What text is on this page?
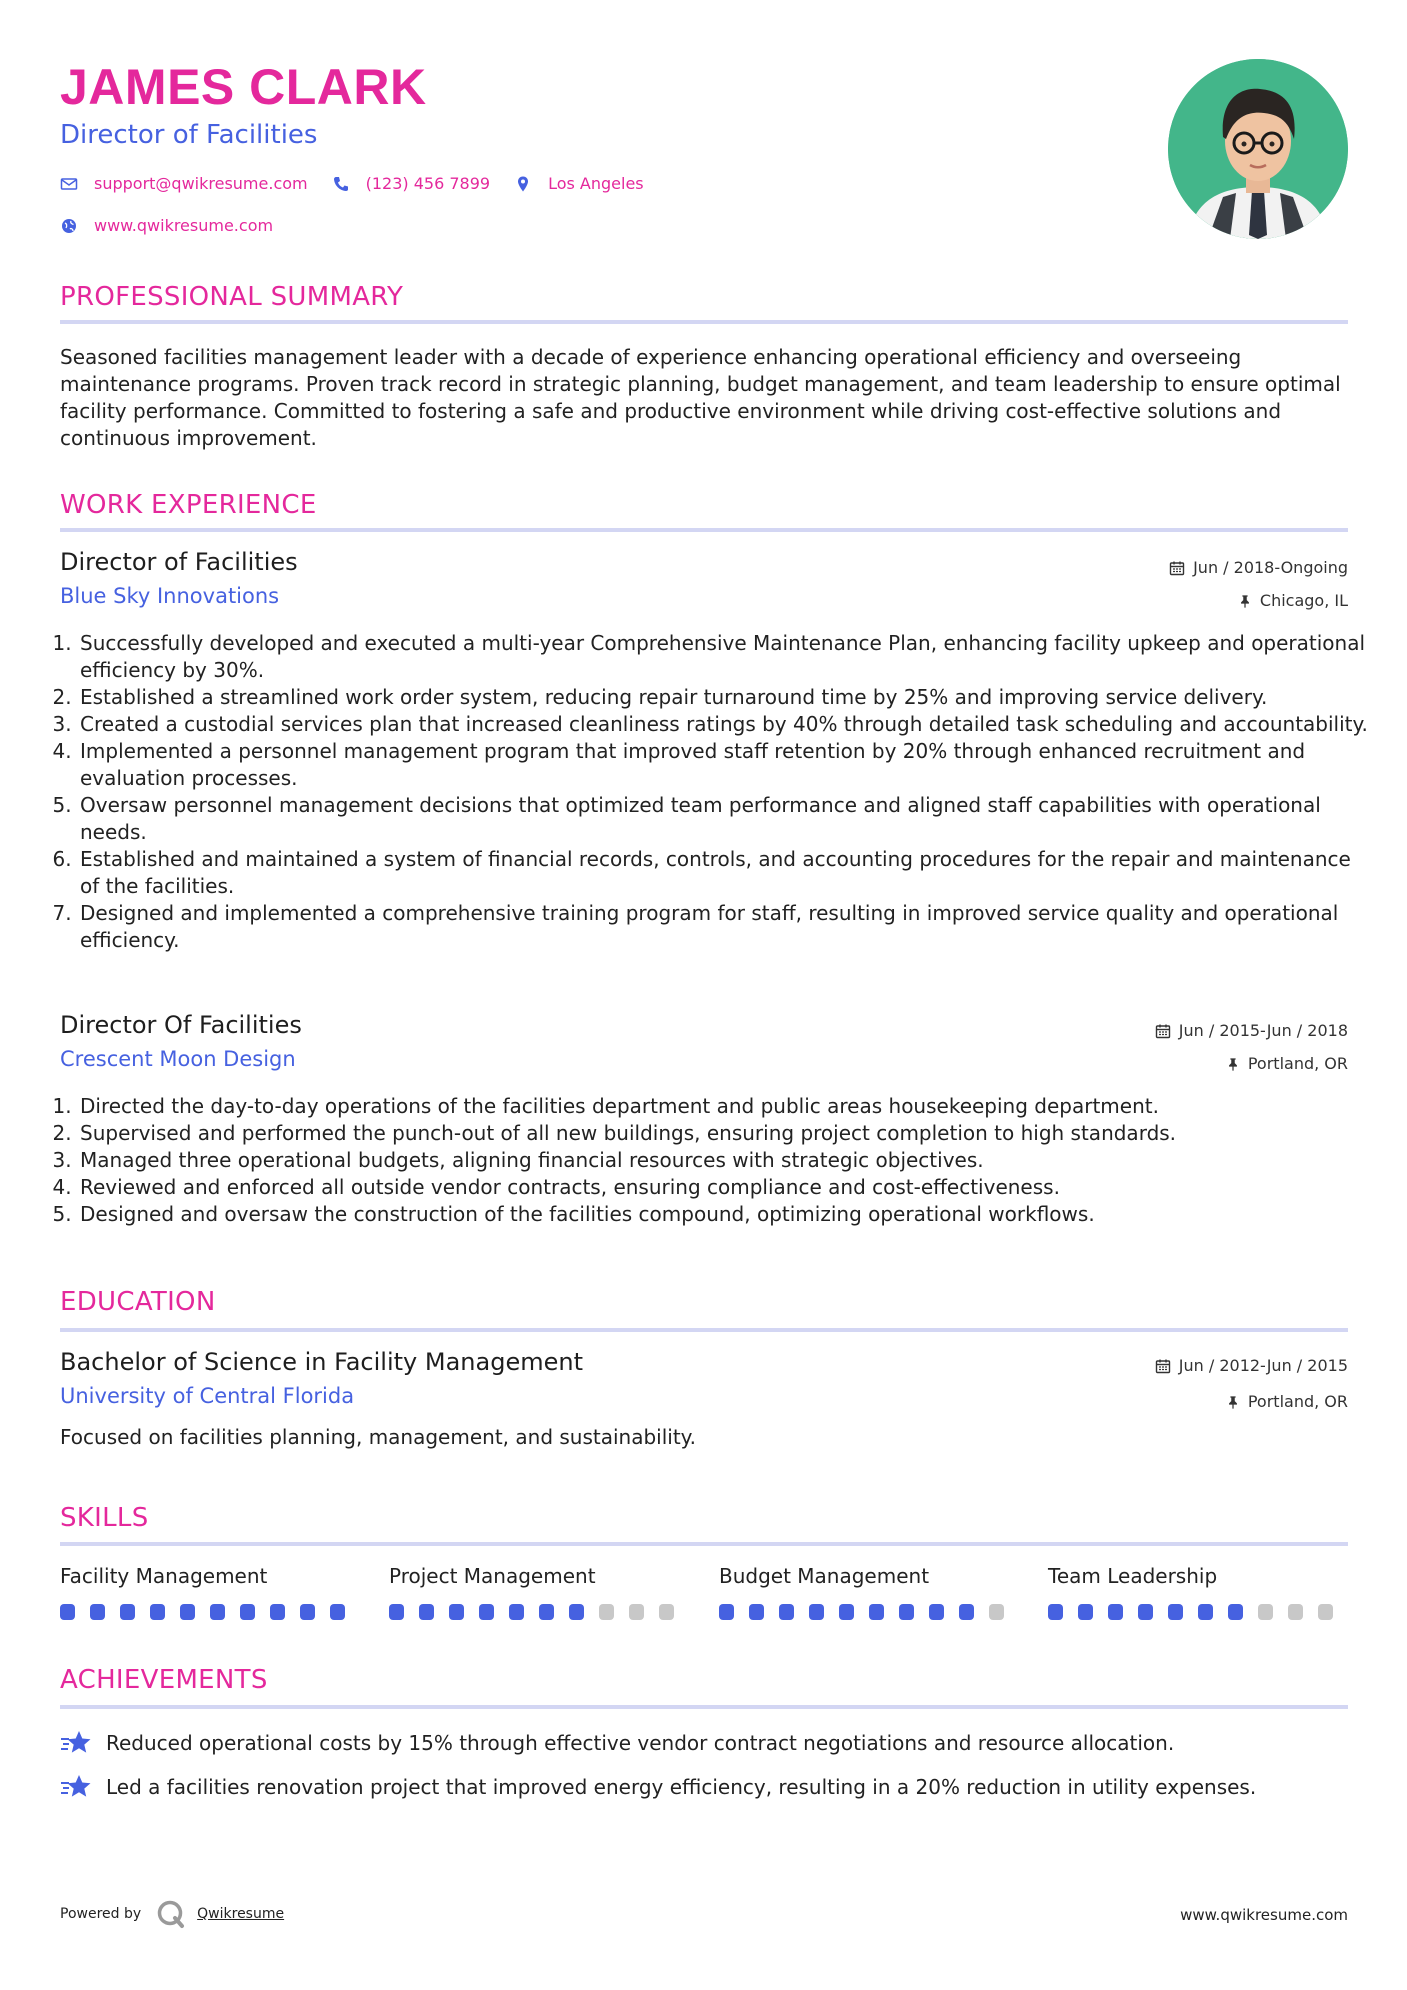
JAMES CLARK
Director of Facilities
support@qwikresume.com	(123) 456 7899	Los Angeles
www.qwikresume.com
PROFESSIONAL SUMMARY
Seasoned facilities management leader with a decade of experience enhancing operational efficiency and overseeing maintenance programs. Proven track record in strategic planning, budget management, and team leadership to ensure optimal facility performance. Committed to fostering a safe and productive environment while driving cost-effective solutions and continuous improvement.
WORK EXPERIENCE
Director of Facilities	Jun / 2018-Ongoing
Blue Sky Innovations	Chicago, IL
1. Successfully developed and executed a multi-year Comprehensive Maintenance Plan, enhancing facility upkeep and operational efficiency by 30%.
2. Established a streamlined work order system, reducing repair turnaround time by 25% and improving service delivery.
3. Created a custodial services plan that increased cleanliness ratings by 40% through detailed task scheduling and accountability.
4. Implemented a personnel management program that improved staff retention by 20% through enhanced recruitment and evaluation processes.
5. Oversaw personnel management decisions that optimized team performance and aligned staff capabilities with operational needs.
6. Established and maintained a system of financial records, controls, and accounting procedures for the repair and maintenance of the facilities.
7. Designed and implemented a comprehensive training program for staff, resulting in improved service quality and operational efficiency.
Director Of Facilities	Jun / 2015-Jun / 2018
Crescent Moon Design	Portland, OR
1. Directed the day-to-day operations of the facilities department and public areas housekeeping department.
2. Supervised and performed the punch-out of all new buildings, ensuring project completion to high standards.
3. Managed three operational budgets, aligning financial resources with strategic objectives.
4. Reviewed and enforced all outside vendor contracts, ensuring compliance and cost-effectiveness.
5. Designed and oversaw the construction of the facilities compound, optimizing operational workflows.
EDUCATION
Bachelor of Science in Facility Management	Jun / 2012-Jun / 2015
University of Central Florida	Portland, OR
Focused on facilities planning, management, and sustainability.
SKILLS
Facility Management	Project Management	Budget Management	Team Leadership
ACHIEVEMENTS
Reduced operational costs by 15% through effective vendor contract negotiations and resource allocation.
Led a facilities renovation project that improved energy efficiency, resulting in a 20% reduction in utility expenses.
Powered by	Qwikresume	www.qwikresume.com
